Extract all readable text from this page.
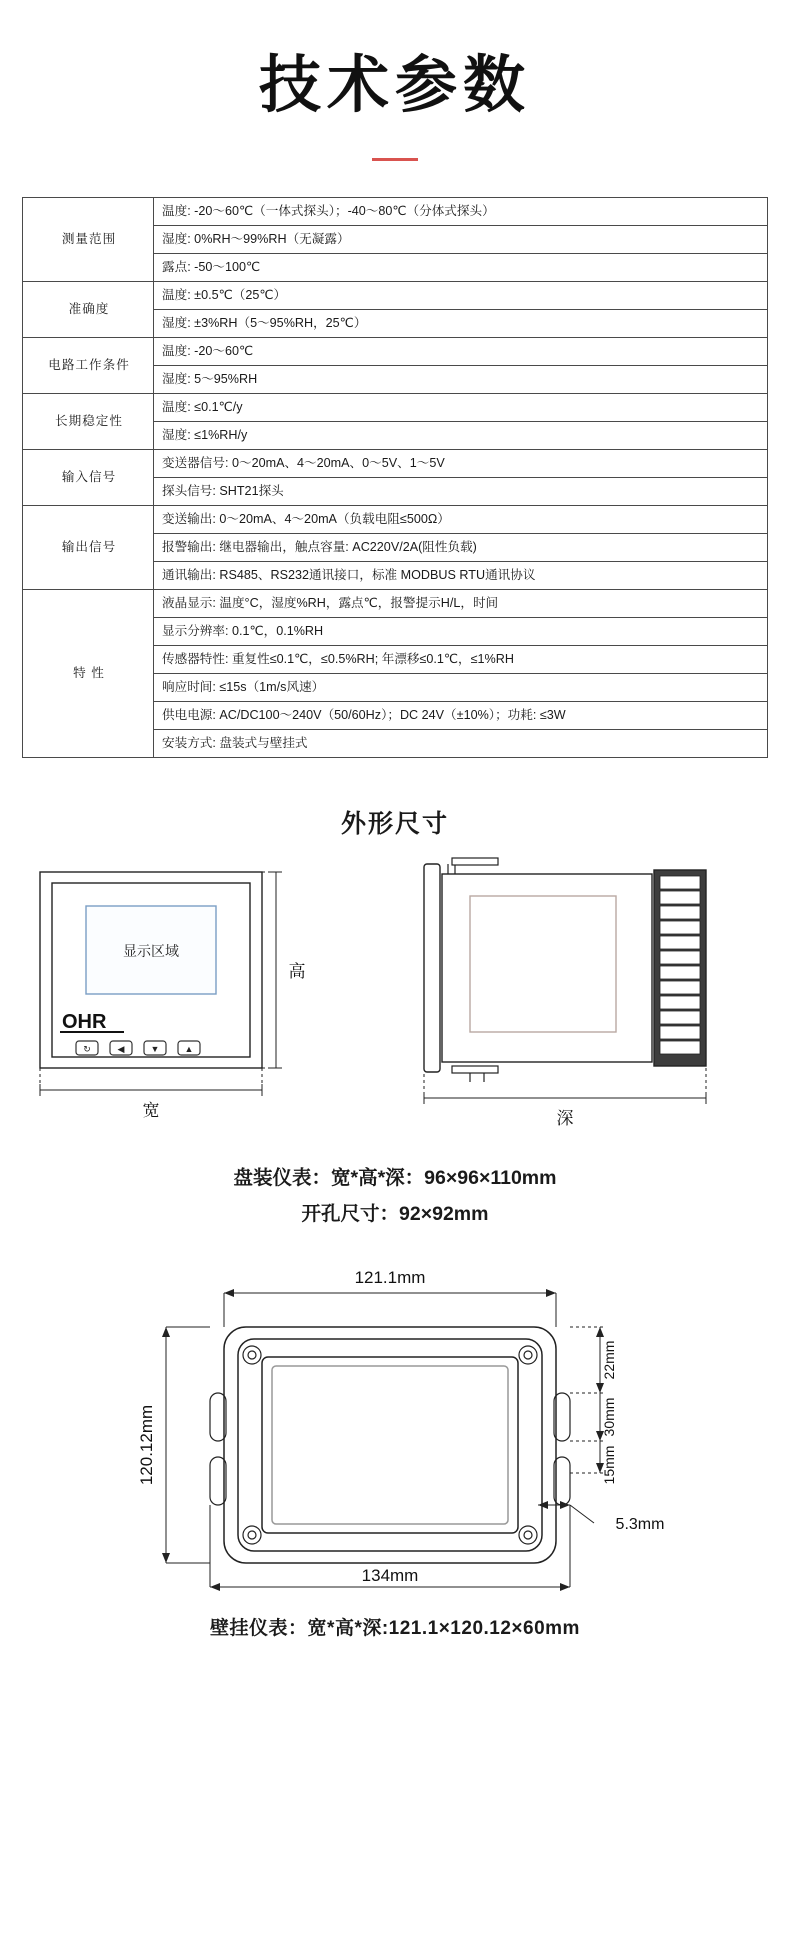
技术参数
测量范围	温度: -20～60℃（一体式探头）；-40～80℃（分体式探头）
	湿度: 0%RH～99%RH（无凝露）
	露点: -50～100℃
准确度	温度: ±0.5℃（25℃）
	湿度: ±3%RH（5～95%RH，25℃）
电路工作条件	温度: -20～60℃
	湿度: 5～95%RH
长期稳定性	温度: ≤0.1℃/y
	湿度: ≤1%RH/y
输入信号	变送器信号: 0～20mA、4～20mA、0～5V、1～5V
	探头信号: SHT21探头
输出信号	变送输出: 0～20mA、4～20mA（负载电阻≤500Ω）
	报警输出: 继电器输出，触点容量: AC220V/2A(阻性负载)
	通讯输出: RS485、RS232通讯接口，标准 MODBUS RTU通讯协议
特 性	液晶显示: 温度°C，湿度%RH，露点℃，报警提示H/L，时间
	显示分辨率: 0.1℃，0.1%RH
	传感器特性: 重复性≤0.1℃，≤0.5%RH; 年漂移≤0.1℃，≤1%RH
	响应时间: ≤15s（1m/s风速）
	供电电源: AC/DC100～240V（50/60Hz）；DC 24V（±10%）；功耗: ≤3W
	安装方式: 盘装式与壁挂式
外形尺寸
显示区域
OHR
↻	◀	▼	▲
高
宽	深
盘装仪表：宽*高*深：96×96×110mm
开孔尺寸：92×92mm
121.1mm
120.12mm
134mm
22mm
30mm
15mm
5.3mm
壁挂仪表：宽*高*深:121.1×120.12×60mm
